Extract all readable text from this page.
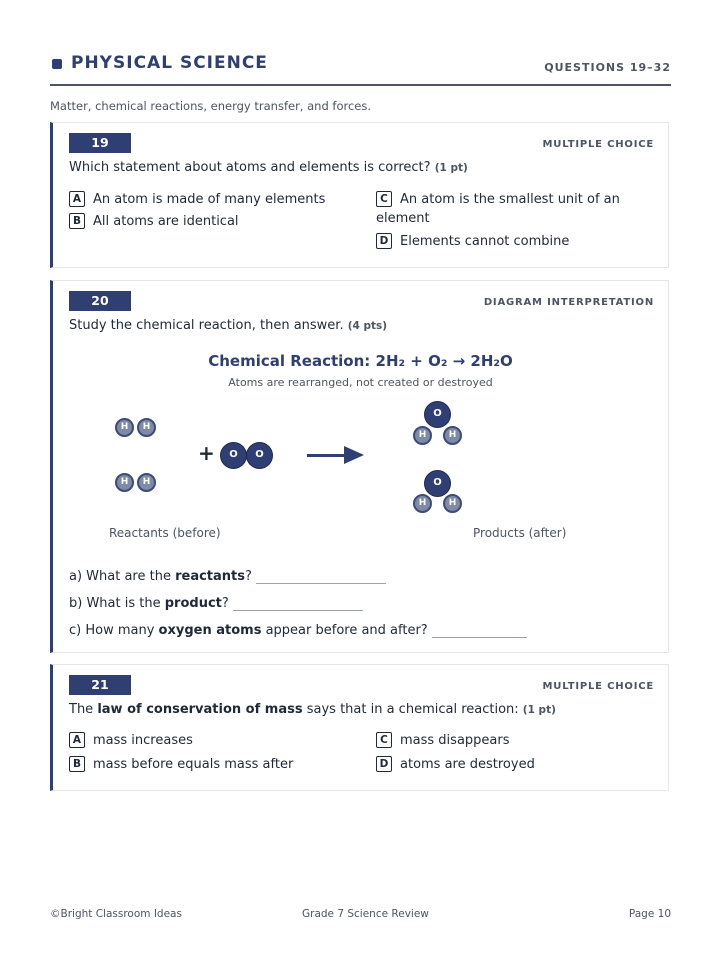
PHYSICAL SCIENCE	QUESTIONS 19–32
Matter, chemical reactions, energy transfer, and forces.
19	MULTIPLE CHOICE
Which statement about atoms and elements is correct? (1 pt)
A An atom is made of many elements
B All atoms are identical
C An atom is the smallest unit of an element
D Elements cannot combine
20	DIAGRAM INTERPRETATION
Study the chemical reaction, then answer. (4 pts)
Chemical Reaction: 2H₂ + O₂ → 2H₂O
Atoms are rearranged, not created or destroyed
H	H
H	H
+	O	O
O
H	H
O
H	H
Reactants (before)	Products (after)
a) What are the reactants?
b) What is the product?
c) How many oxygen atoms appear before and after?
21	MULTIPLE CHOICE
The law of conservation of mass says that in a chemical reaction: (1 pt)
A mass increases
B mass before equals mass after
C mass disappears
D atoms are destroyed
©Bright Classroom Ideas	Grade 7 Science Review	Page 10
